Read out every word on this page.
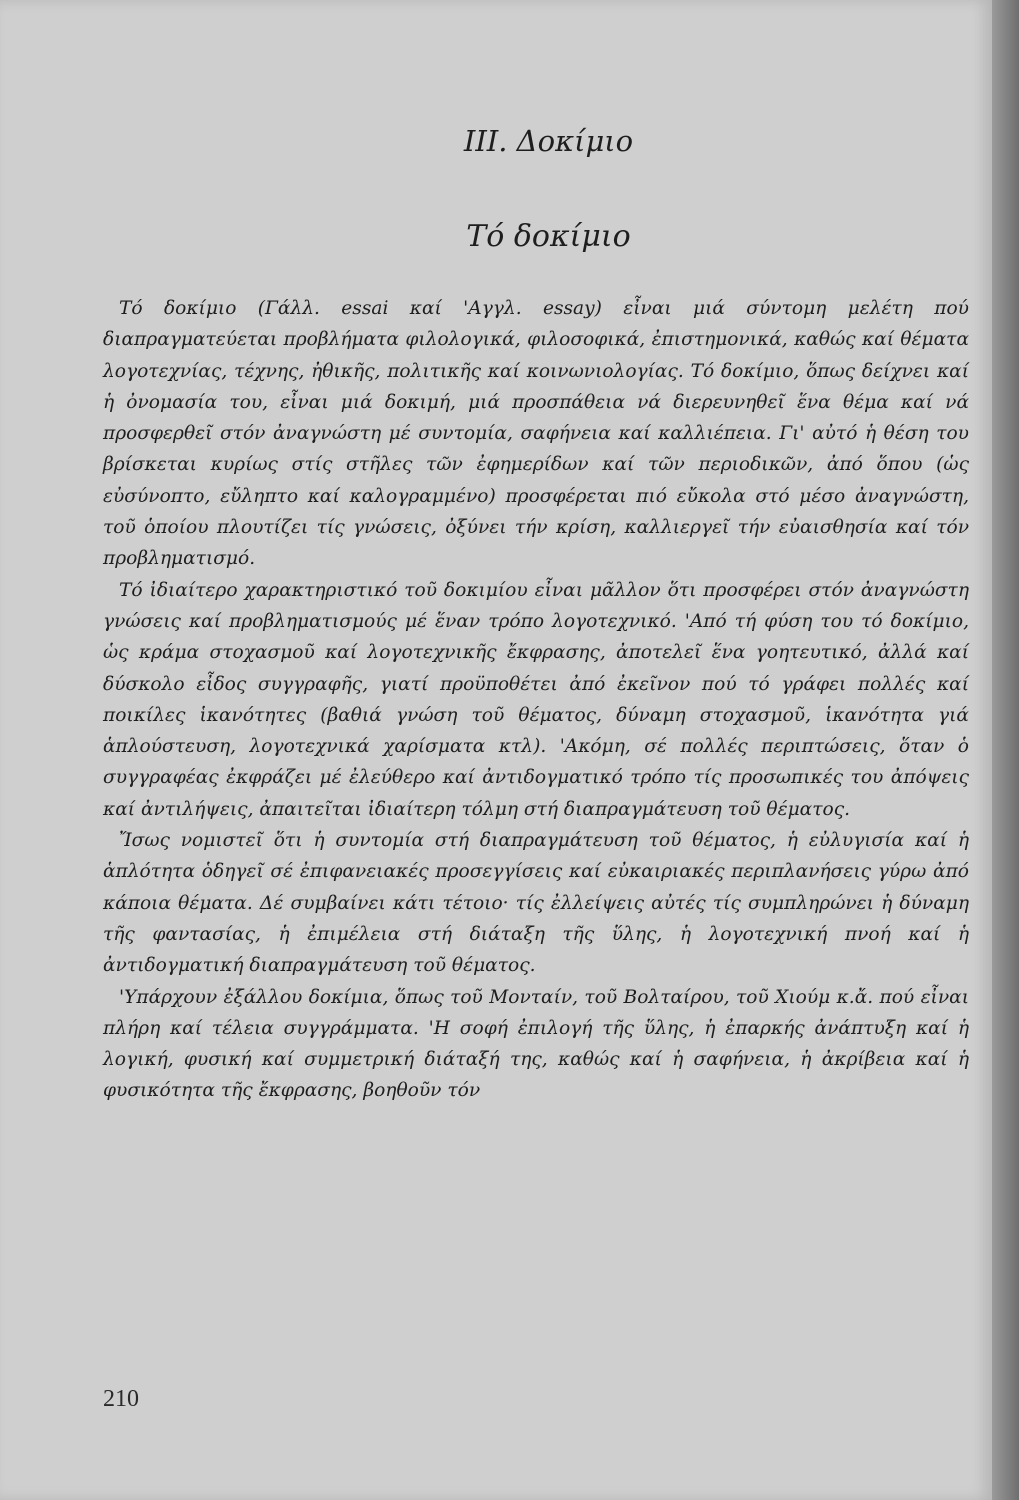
III. Δοκίμιο
Τό δοκίμιο

Τό δοκίμιο (Γάλλ. essai καί 'Αγγλ. essay) εἶναι μιά σύντομη μελέτη πού διαπραγματεύεται προβλήματα φιλολογικά, φιλοσοφικά, ἐπιστημονικά, καθώς καί θέματα λογοτεχνίας, τέχνης, ἠθικῆς, πολιτικῆς καί κοινωνιολογίας. Τό δοκίμιο, ὅπως δείχνει καί ἡ ὀνομασία του, εἶναι μιά δοκιμή, μιά προσπάθεια νά διερευνηθεῖ ἕνα θέμα καί νά προσφερθεῖ στόν ἀναγνώστη μέ συντομία, σαφήνεια καί καλλιέπεια. Γι' αὐτό ἡ θέση του βρίσκεται κυρίως στίς στῆλες τῶν ἐφημερίδων καί τῶν περιοδικῶν, ἀπό ὅπου (ὡς εὐσύνοπτο, εὔληπτο καί καλογραμμένο) προσφέρεται πιό εὔκολα στό μέσο ἀναγνώστη, τοῦ ὁποίου πλουτίζει τίς γνώσεις, ὀξύνει τήν κρίση, καλλιεργεῖ τήν εὐαισθησία καί τόν προβληματισμό.

Τό ἰδιαίτερο χαρακτηριστικό τοῦ δοκιμίου εἶναι μᾶλλον ὅτι προσφέρει στόν ἀναγνώστη γνώσεις καί προβληματισμούς μέ ἕναν τρόπο λογοτεχνικό. 'Από τή φύση του τό δοκίμιο, ὡς κράμα στοχασμοῦ καί λογοτεχνικῆς ἔκφρασης, ἀποτελεῖ ἕνα γοητευτικό, ἀλλά καί δύσκολο εἶδος συγγραφῆς, γιατί προϋποθέτει ἀπό ἐκεῖνον πού τό γράφει πολλές καί ποικίλες ἱκανότητες (βαθιά γνώση τοῦ θέματος, δύναμη στοχασμοῦ, ἱκανότητα γιά ἁπλούστευση, λογοτεχνικά χαρίσματα κτλ). 'Ακόμη, σέ πολλές περιπτώσεις, ὅταν ὁ συγγραφέας ἐκφράζει μέ ἐλεύθερο καί ἀντιδογματικό τρόπο τίς προσωπικές του ἀπόψεις καί ἀντιλήψεις, ἀπαιτεῖται ἰδιαίτερη τόλμη στή διαπραγμάτευση τοῦ θέματος.

Ἴσως νομιστεῖ ὅτι ἡ συντομία στή διαπραγμάτευση τοῦ θέματος, ἡ εὐλυγισία καί ἡ ἁπλότητα ὁδηγεῖ σέ ἐπιφανειακές προσεγγίσεις καί εὐκαιριακές περιπλανήσεις γύρω ἀπό κάποια θέματα. Δέ συμβαίνει κάτι τέτοιο· τίς ἐλλείψεις αὐτές τίς συμπληρώνει ἡ δύναμη τῆς φαντασίας, ἡ ἐπιμέλεια στή διάταξη τῆς ὕλης, ἡ λογοτεχνική πνοή καί ἡ ἀντιδογματική διαπραγμάτευση τοῦ θέματος.

'Υπάρχουν ἐξάλλου δοκίμια, ὅπως τοῦ Μονταίν, τοῦ Βολταίρου, τοῦ Χιούμ κ.ἄ. πού εἶναι πλήρη καί τέλεια συγγράμματα. 'Η σοφή ἐπιλογή τῆς ὕλης, ἡ ἐπαρκής ἀνάπτυξη καί ἡ λογική, φυσική καί συμμετρική διάταξή της, καθώς καί ἡ σαφήνεια, ἡ ἀκρίβεια καί ἡ φυσικότητα τῆς ἔκφρασης, βοηθοῦν τόν

210
